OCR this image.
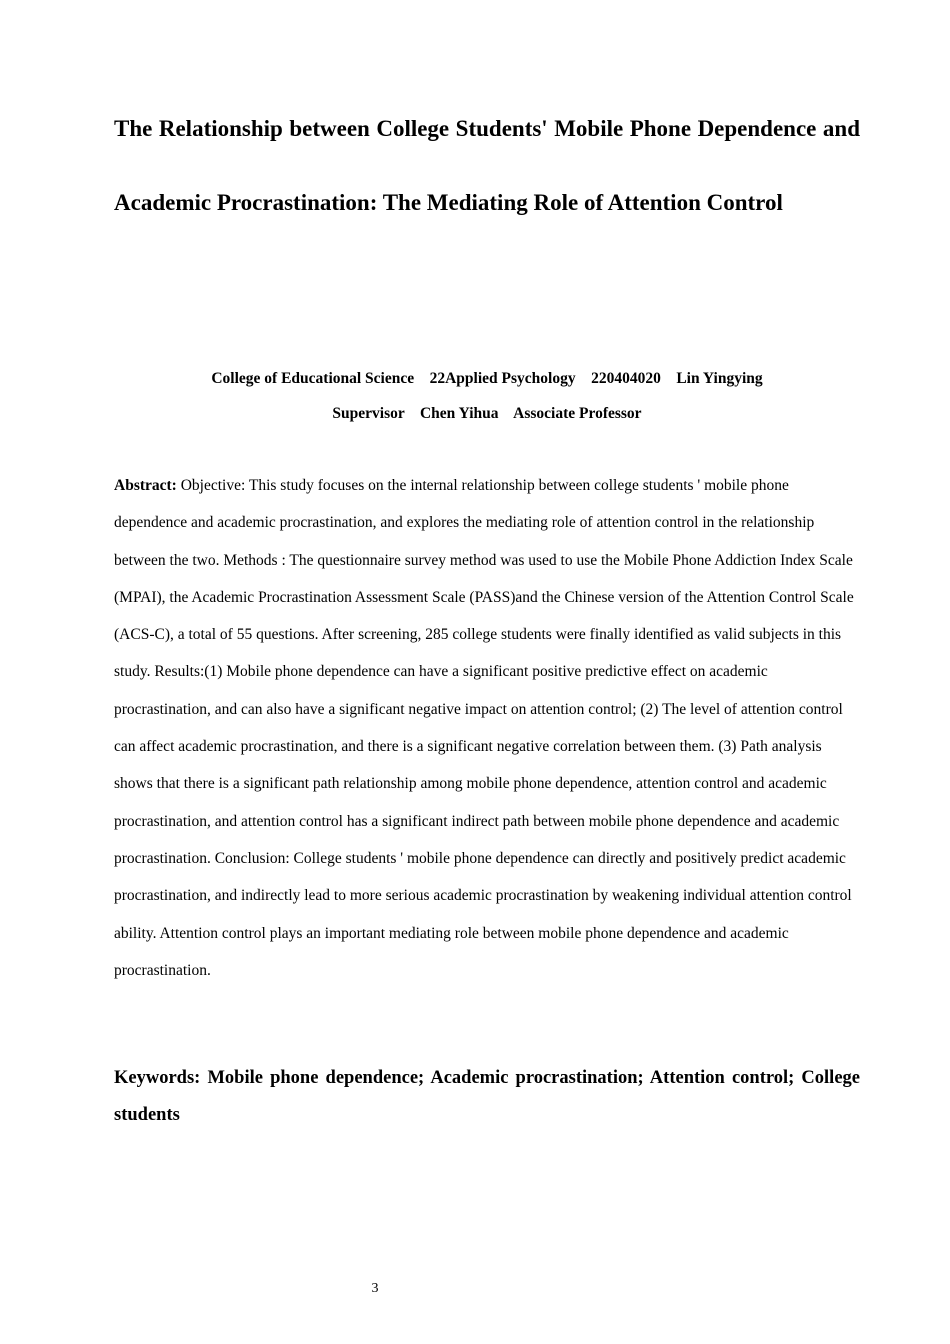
The Relationship between College Students' Mobile Phone Dependence and Academic Procrastination: The Mediating Role of Attention Control

College of Educational Science    22Applied Psychology    220404020    Lin Yingying

Supervisor    Chen Yihua    Associate Professor

Abstract: Objective: This study focuses on the internal relationship between college students ' mobile phone dependence and academic procrastination, and explores the mediating role of attention control in the relationship between the two. Methods : The questionnaire survey method was used to use the Mobile Phone Addiction Index Scale (MPAI), the Academic Procrastination Assessment Scale (PASS)and the Chinese version of the Attention Control Scale (ACS-C), a total of 55 questions. After screening, 285 college students were finally identified as valid subjects in this study. Results:(1) Mobile phone dependence can have a significant positive predictive effect on academic procrastination, and can also have a significant negative impact on attention control; (2) The level of attention control can affect academic procrastination, and there is a significant negative correlation between them. (3) Path analysis shows that there is a significant path relationship among mobile phone dependence, attention control and academic procrastination, and attention control has a significant indirect path between mobile phone dependence and academic procrastination. Conclusion: College students ' mobile phone dependence can directly and positively predict academic procrastination, and indirectly lead to more serious academic procrastination by weakening individual attention control ability. Attention control plays an important mediating role between mobile phone dependence and academic procrastination.

Keywords: Mobile phone dependence; Academic procrastination; Attention control; College students

3
